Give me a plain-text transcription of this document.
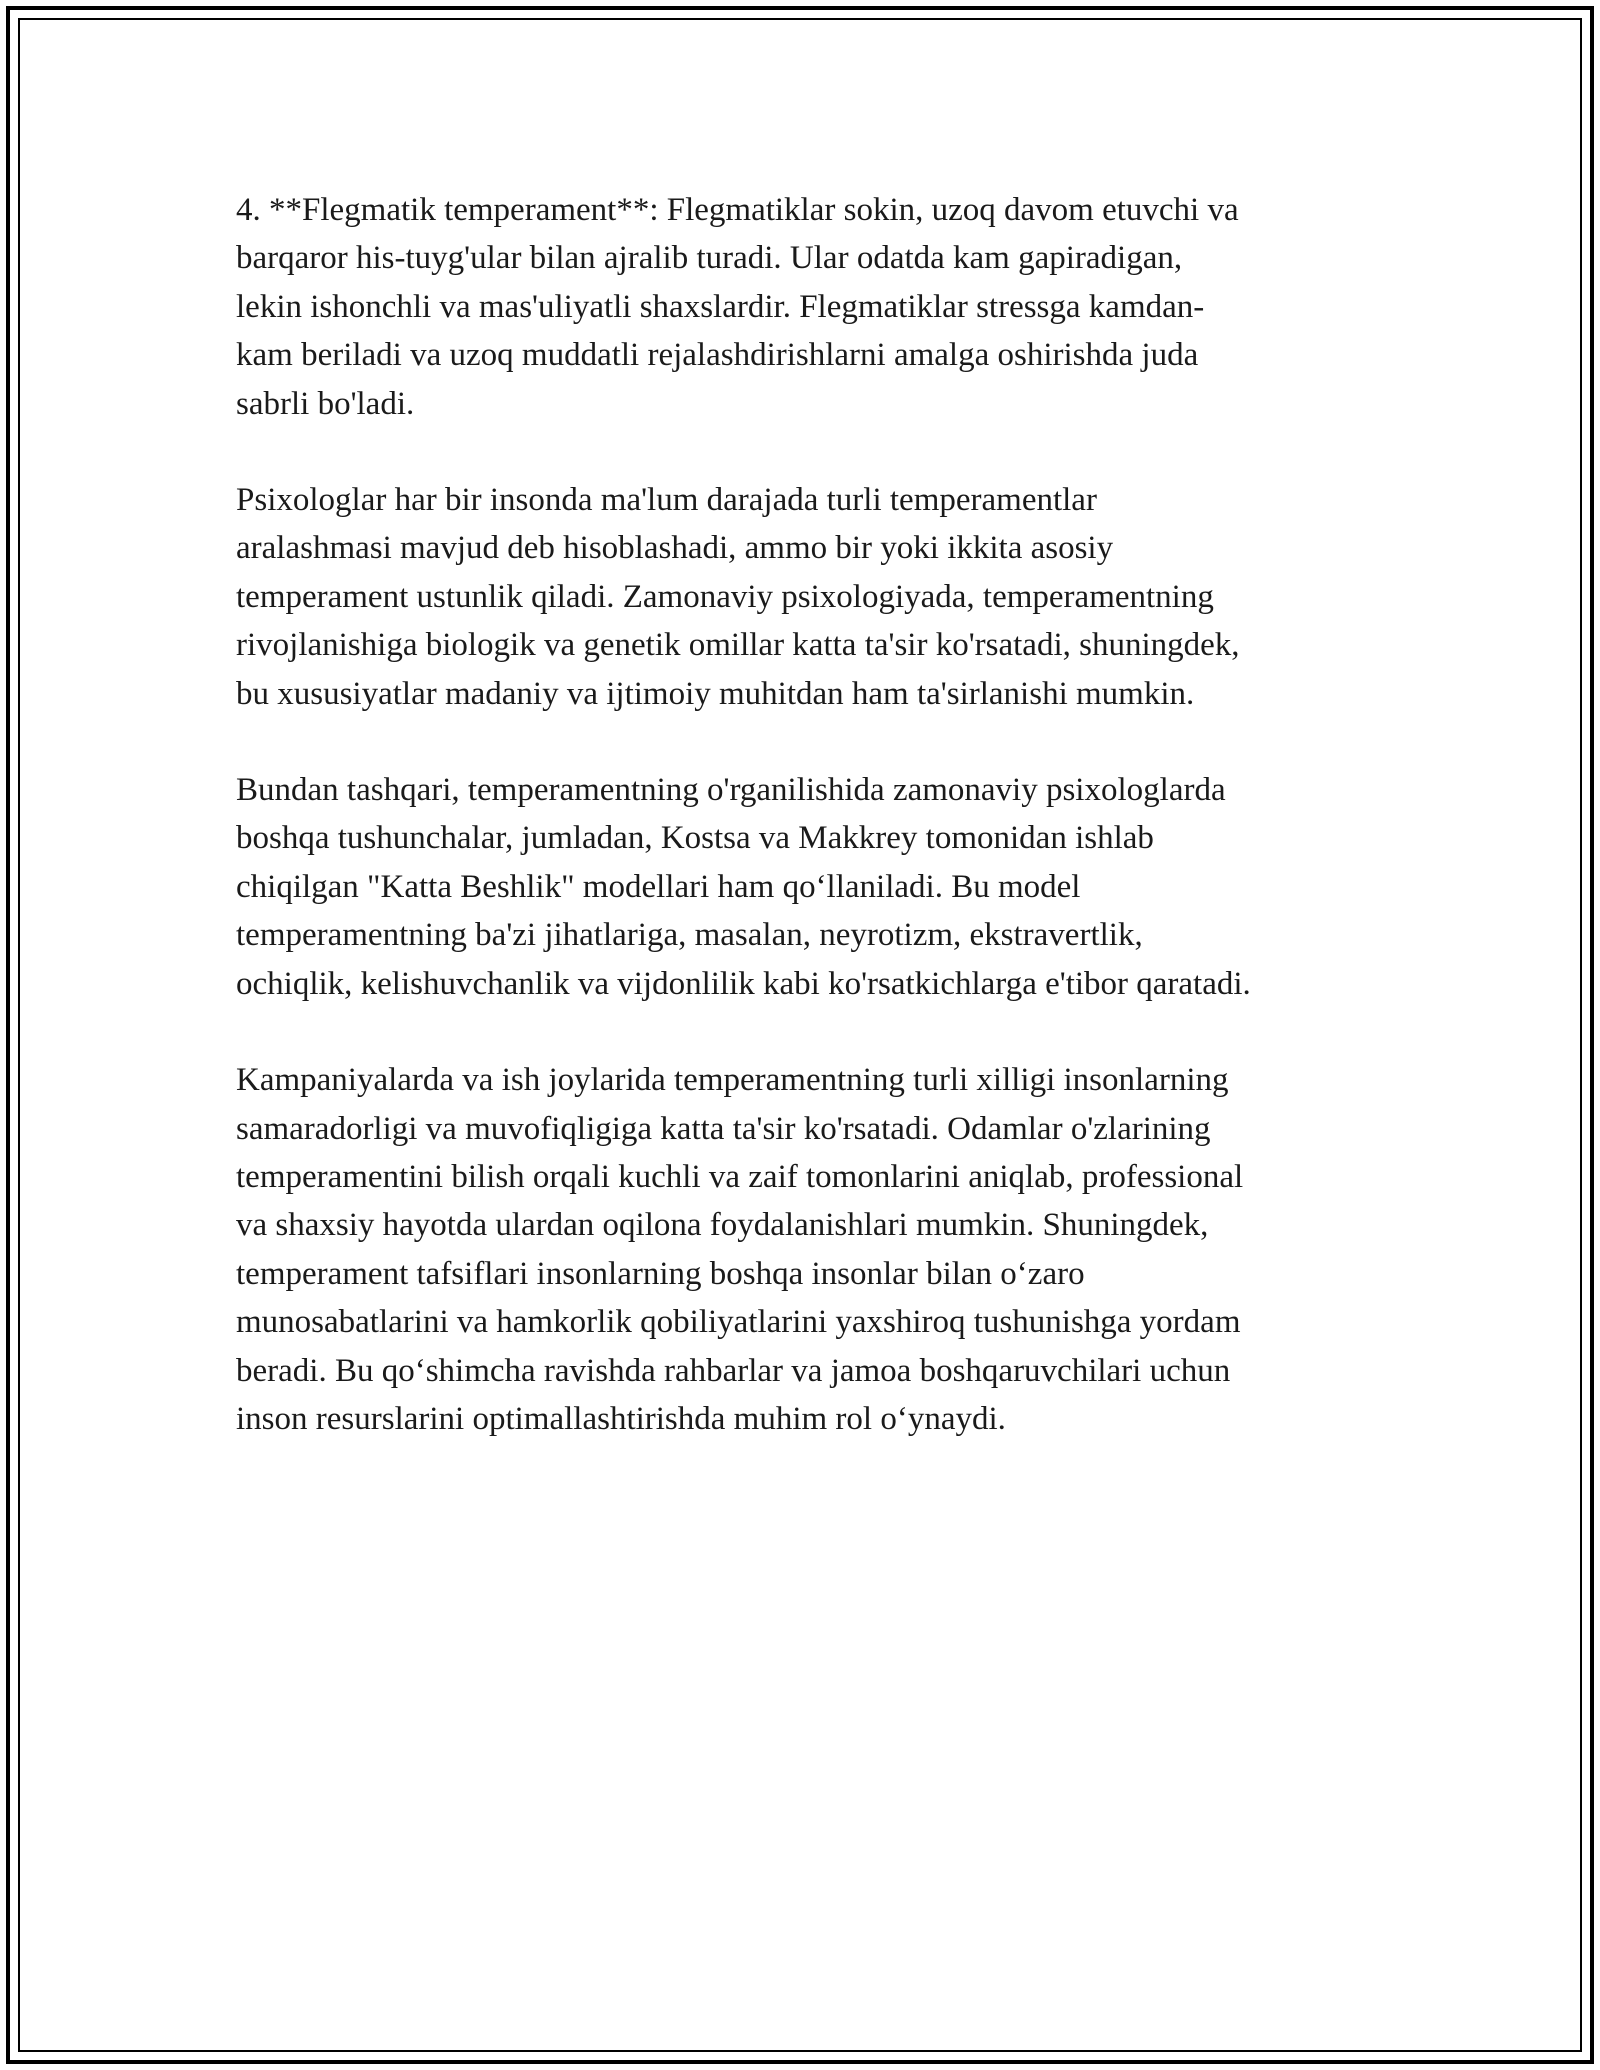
4. **Flegmatik temperament**: Flegmatiklar sokin, uzoq davom etuvchi va
barqaror his-tuyg'ular bilan ajralib turadi. Ular odatda kam gapiradigan,
lekin ishonchli va mas'uliyatli shaxslardir. Flegmatiklar stressga kamdan-
kam beriladi va uzoq muddatli rejalashdirishlarni amalga oshirishda juda
sabrli bo'ladi.

Psixologlar har bir insonda ma'lum darajada turli temperamentlar
aralashmasi mavjud deb hisoblashadi, ammo bir yoki ikkita asosiy
temperament ustunlik qiladi. Zamonaviy psixologiyada, temperamentning
rivojlanishiga biologik va genetik omillar katta ta'sir ko'rsatadi, shuningdek,
bu xususiyatlar madaniy va ijtimoiy muhitdan ham ta'sirlanishi mumkin.

Bundan tashqari, temperamentning o'rganilishida zamonaviy psixologlarda
boshqa tushunchalar, jumladan, Kostsa va Makkrey tomonidan ishlab
chiqilgan "Katta Beshlik" modellari ham qo‘llaniladi. Bu model
temperamentning ba'zi jihatlariga, masalan, neyrotizm, ekstravertlik,
ochiqlik, kelishuvchanlik va vijdonlilik kabi ko'rsatkichlarga e'tibor qaratadi.

Kampaniyalarda va ish joylarida temperamentning turli xilligi insonlarning
samaradorligi va muvofiqligiga katta ta'sir ko'rsatadi. Odamlar o'zlarining
temperamentini bilish orqali kuchli va zaif tomonlarini aniqlab, professional
va shaxsiy hayotda ulardan oqilona foydalanishlari mumkin. Shuningdek,
temperament tafsiflari insonlarning boshqa insonlar bilan o‘zaro
munosabatlarini va hamkorlik qobiliyatlarini yaxshiroq tushunishga yordam
beradi. Bu qo‘shimcha ravishda rahbarlar va jamoa boshqaruvchilari uchun
inson resurslarini optimallashtirishda muhim rol o‘ynaydi.
